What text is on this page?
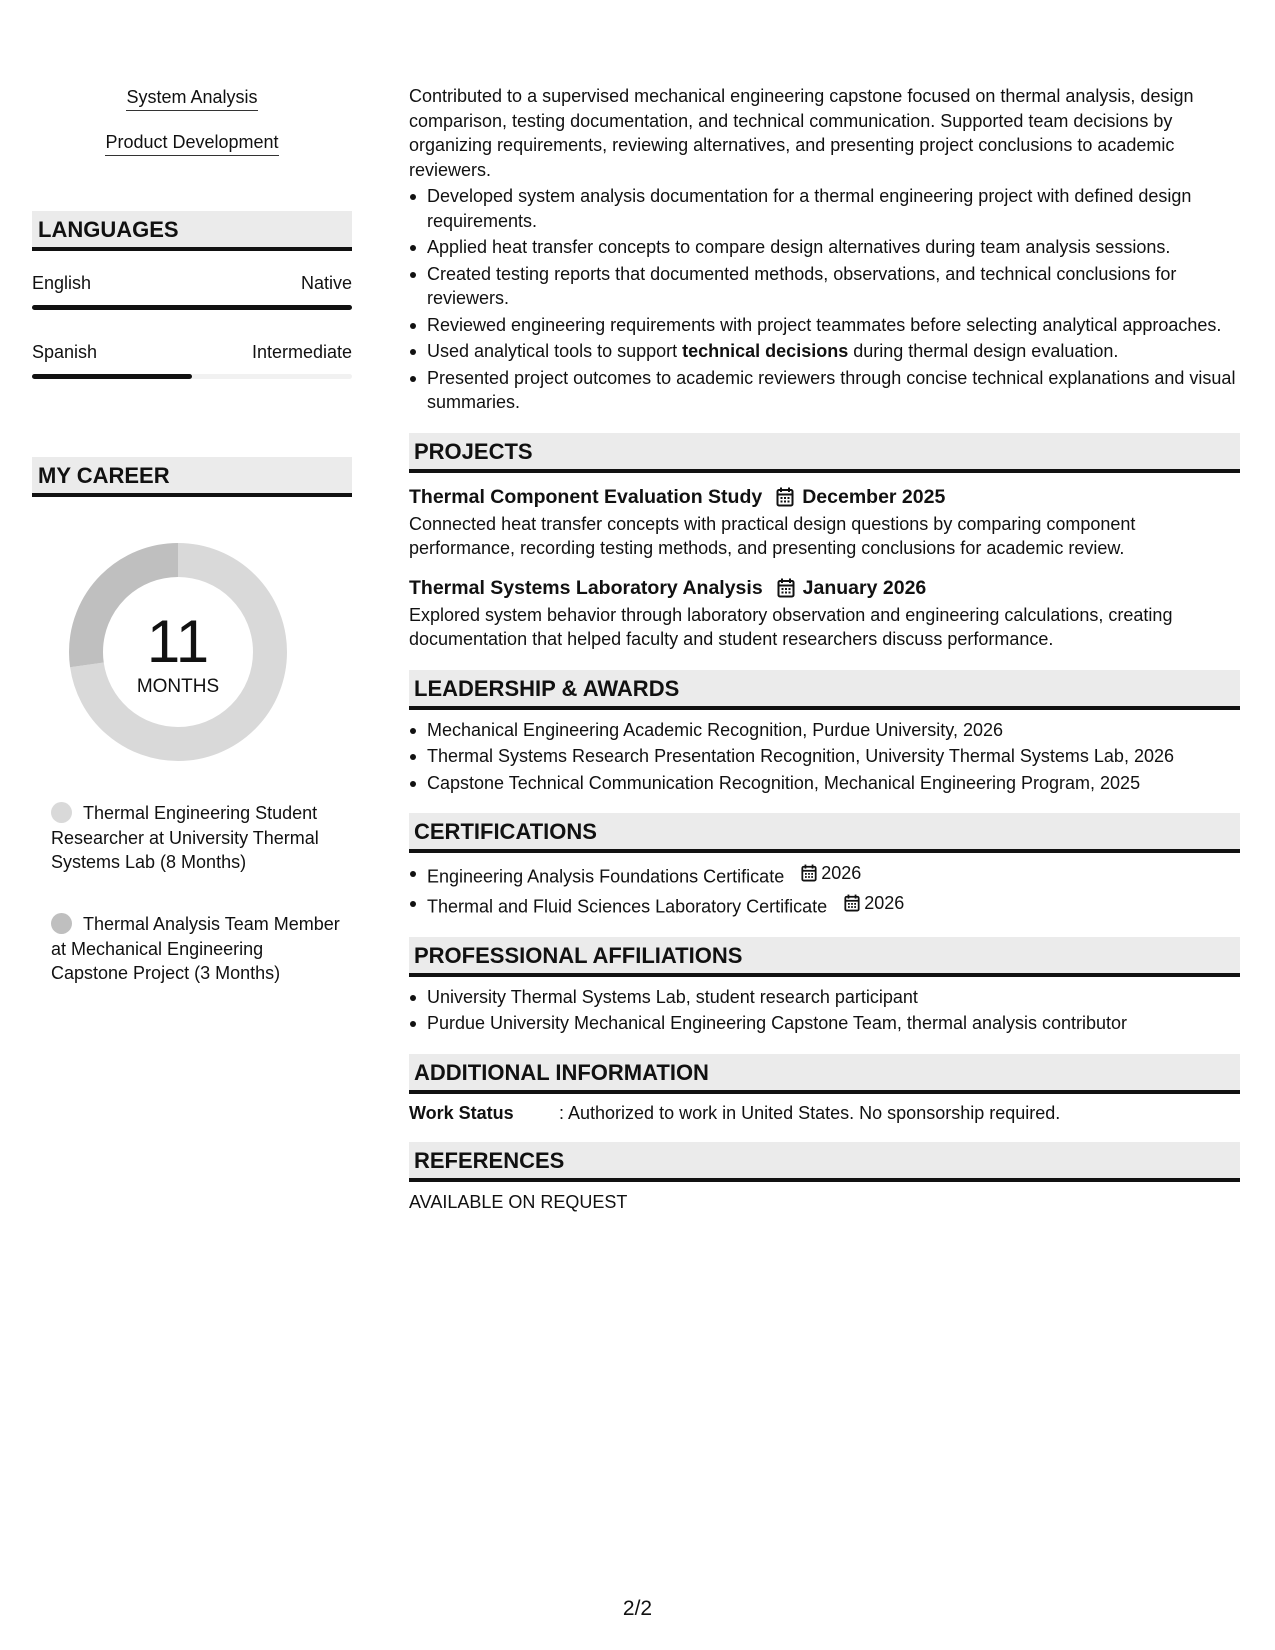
System Analysis
Product Development
LANGUAGES
English	Native
Spanish	Intermediate
MY CAREER
11
MONTHS
Thermal Engineering Student Researcher at University Thermal Systems Lab (8 Months)
Thermal Analysis Team Member at Mechanical Engineering Capstone Project (3 Months)

Contributed to a supervised mechanical engineering capstone focused on thermal analysis, design comparison, testing documentation, and technical communication. Supported team decisions by organizing requirements, reviewing alternatives, and presenting project conclusions to academic reviewers.

Developed system analysis documentation for a thermal engineering project with defined design requirements.
Applied heat transfer concepts to compare design alternatives during team analysis sessions.
Created testing reports that documented methods, observations, and technical conclusions for reviewers.
Reviewed engineering requirements with project teammates before selecting analytical approaches.
Used analytical tools to support technical decisions during thermal design evaluation.
Presented project outcomes to academic reviewers through concise technical explanations and visual summaries.
PROJECTS
Thermal Component Evaluation Study December 2025

Connected heat transfer concepts with practical design questions by comparing component performance, recording testing methods, and presenting conclusions for academic review.

Thermal Systems Laboratory Analysis January 2026

Explored system behavior through laboratory observation and engineering calculations, creating documentation that helped faculty and student researchers discuss performance.

LEADERSHIP & AWARDS
Mechanical Engineering Academic Recognition, Purdue University, 2026
Thermal Systems Research Presentation Recognition, University Thermal Systems Lab, 2026
Capstone Technical Communication Recognition, Mechanical Engineering Program, 2025
CERTIFICATIONS
Engineering Analysis Foundations Certificate 2026
Thermal and Fluid Sciences Laboratory Certificate 2026
PROFESSIONAL AFFILIATIONS
University Thermal Systems Lab, student research participant
Purdue University Mechanical Engineering Capstone Team, thermal analysis contributor
ADDITIONAL INFORMATION
Work Status	: Authorized to work in United States. No sponsorship required.
REFERENCES

AVAILABLE ON REQUEST

2/2
